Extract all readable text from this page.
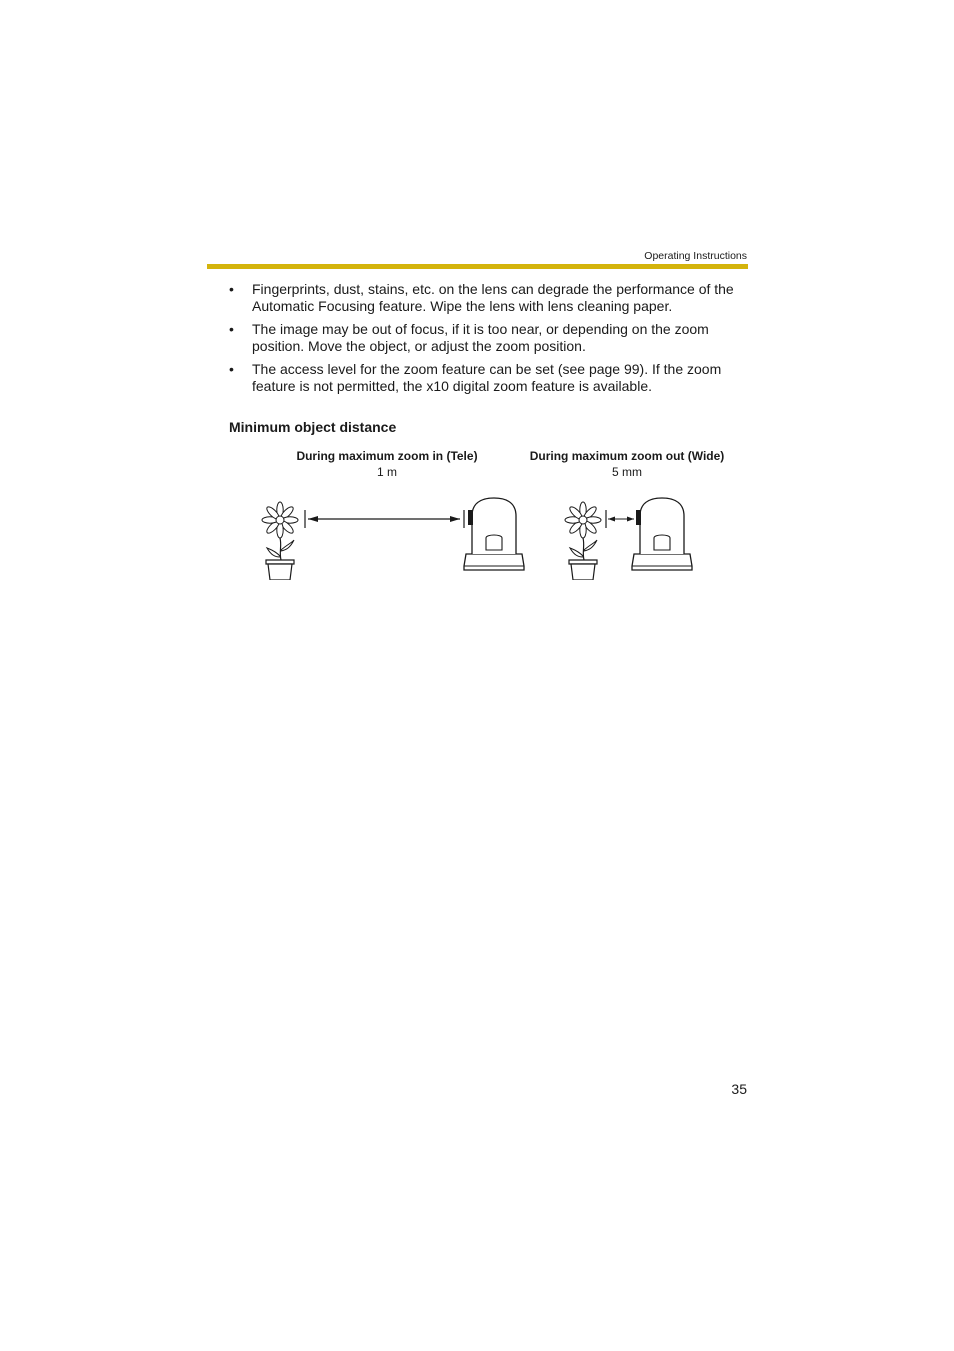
Operating Instructions
• Fingerprints, dust, stains, etc. on the lens can degrade the performance of the Automatic Focusing feature. Wipe the lens with lens cleaning paper.
• The image may be out of focus, if it is too near, or depending on the zoom position. Move the object, or adjust the zoom position.
• The access level for the zoom feature can be set (see page 99). If the zoom feature is not permitted, the x10 digital zoom feature is available.
Minimum object distance
During maximum zoom in (Tele)
1 m
During maximum zoom out (Wide)
5 mm
35
